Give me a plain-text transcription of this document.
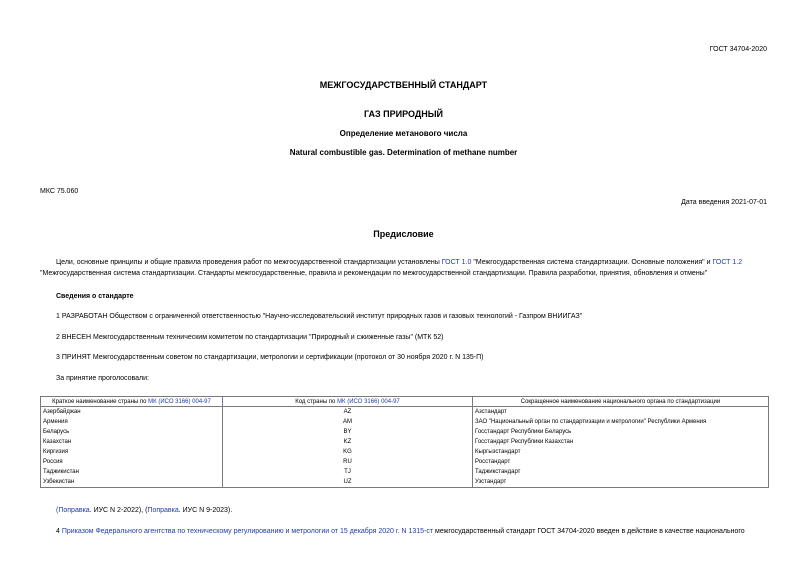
ГОСТ 34704-2020
МЕЖГОСУДАРСТВЕННЫЙ СТАНДАРТ
ГАЗ ПРИРОДНЫЙ
Определение метанового числа
Natural combustible gas. Determination of methane number
МКС 75.060
Дата введения 2021-07-01
Предисловие
Цели, основные принципы и общие правила проведения работ по межгосударственной стандартизации установлены ГОСТ 1.0 "Межгосударственная система стандартизации. Основные положения" и ГОСТ 1.2 "Межгосударственная система стандартизации. Стандарты межгосударственные, правила и рекомендации по межгосударственной стандартизации. Правила разработки, принятия, обновления и отмены"
Сведения о стандарте
1 РАЗРАБОТАН Обществом с ограниченной ответственностью "Научно-исследовательский институт природных газов и газовых технологий - Газпром ВНИИГАЗ"
2 ВНЕСЕН Межгосударственным техническим комитетом по стандартизации "Природный и сжиженные газы" (МТК 52)
3 ПРИНЯТ Межгосударственным советом по стандартизации, метрологии и сертификации (протокол от 30 ноября 2020 г. N 135-П)
За принятие проголосовали:
Краткое наименование страны по МК (ИСО 3166) 004-97	Код страны по МК (ИСО 3166) 004-97	Сокращенное наименование национального органа по стандартизации
Азербайджан	AZ	Азстандарт
Армения	AM	ЗАО "Национальный орган по стандартизации и метрологии" Республики Армения
Беларусь	BY	Госстандарт Республики Беларусь
Казахстан	KZ	Госстандарт Республики Казахстан
Киргизия	KG	Кыргызстандарт
Россия	RU	Росстандарт
Таджикистан	TJ	Таджикстандарт
Узбекистан	UZ	Узстандарт
(Поправка. ИУС N 2-2022), (Поправка. ИУС N 9-2023).
4 Приказом Федерального агентства по техническому регулированию и метрологии от 15 декабря 2020 г. N 1315-ст межгосударственный стандарт ГОСТ 34704-2020 введен в действие в качестве национального
